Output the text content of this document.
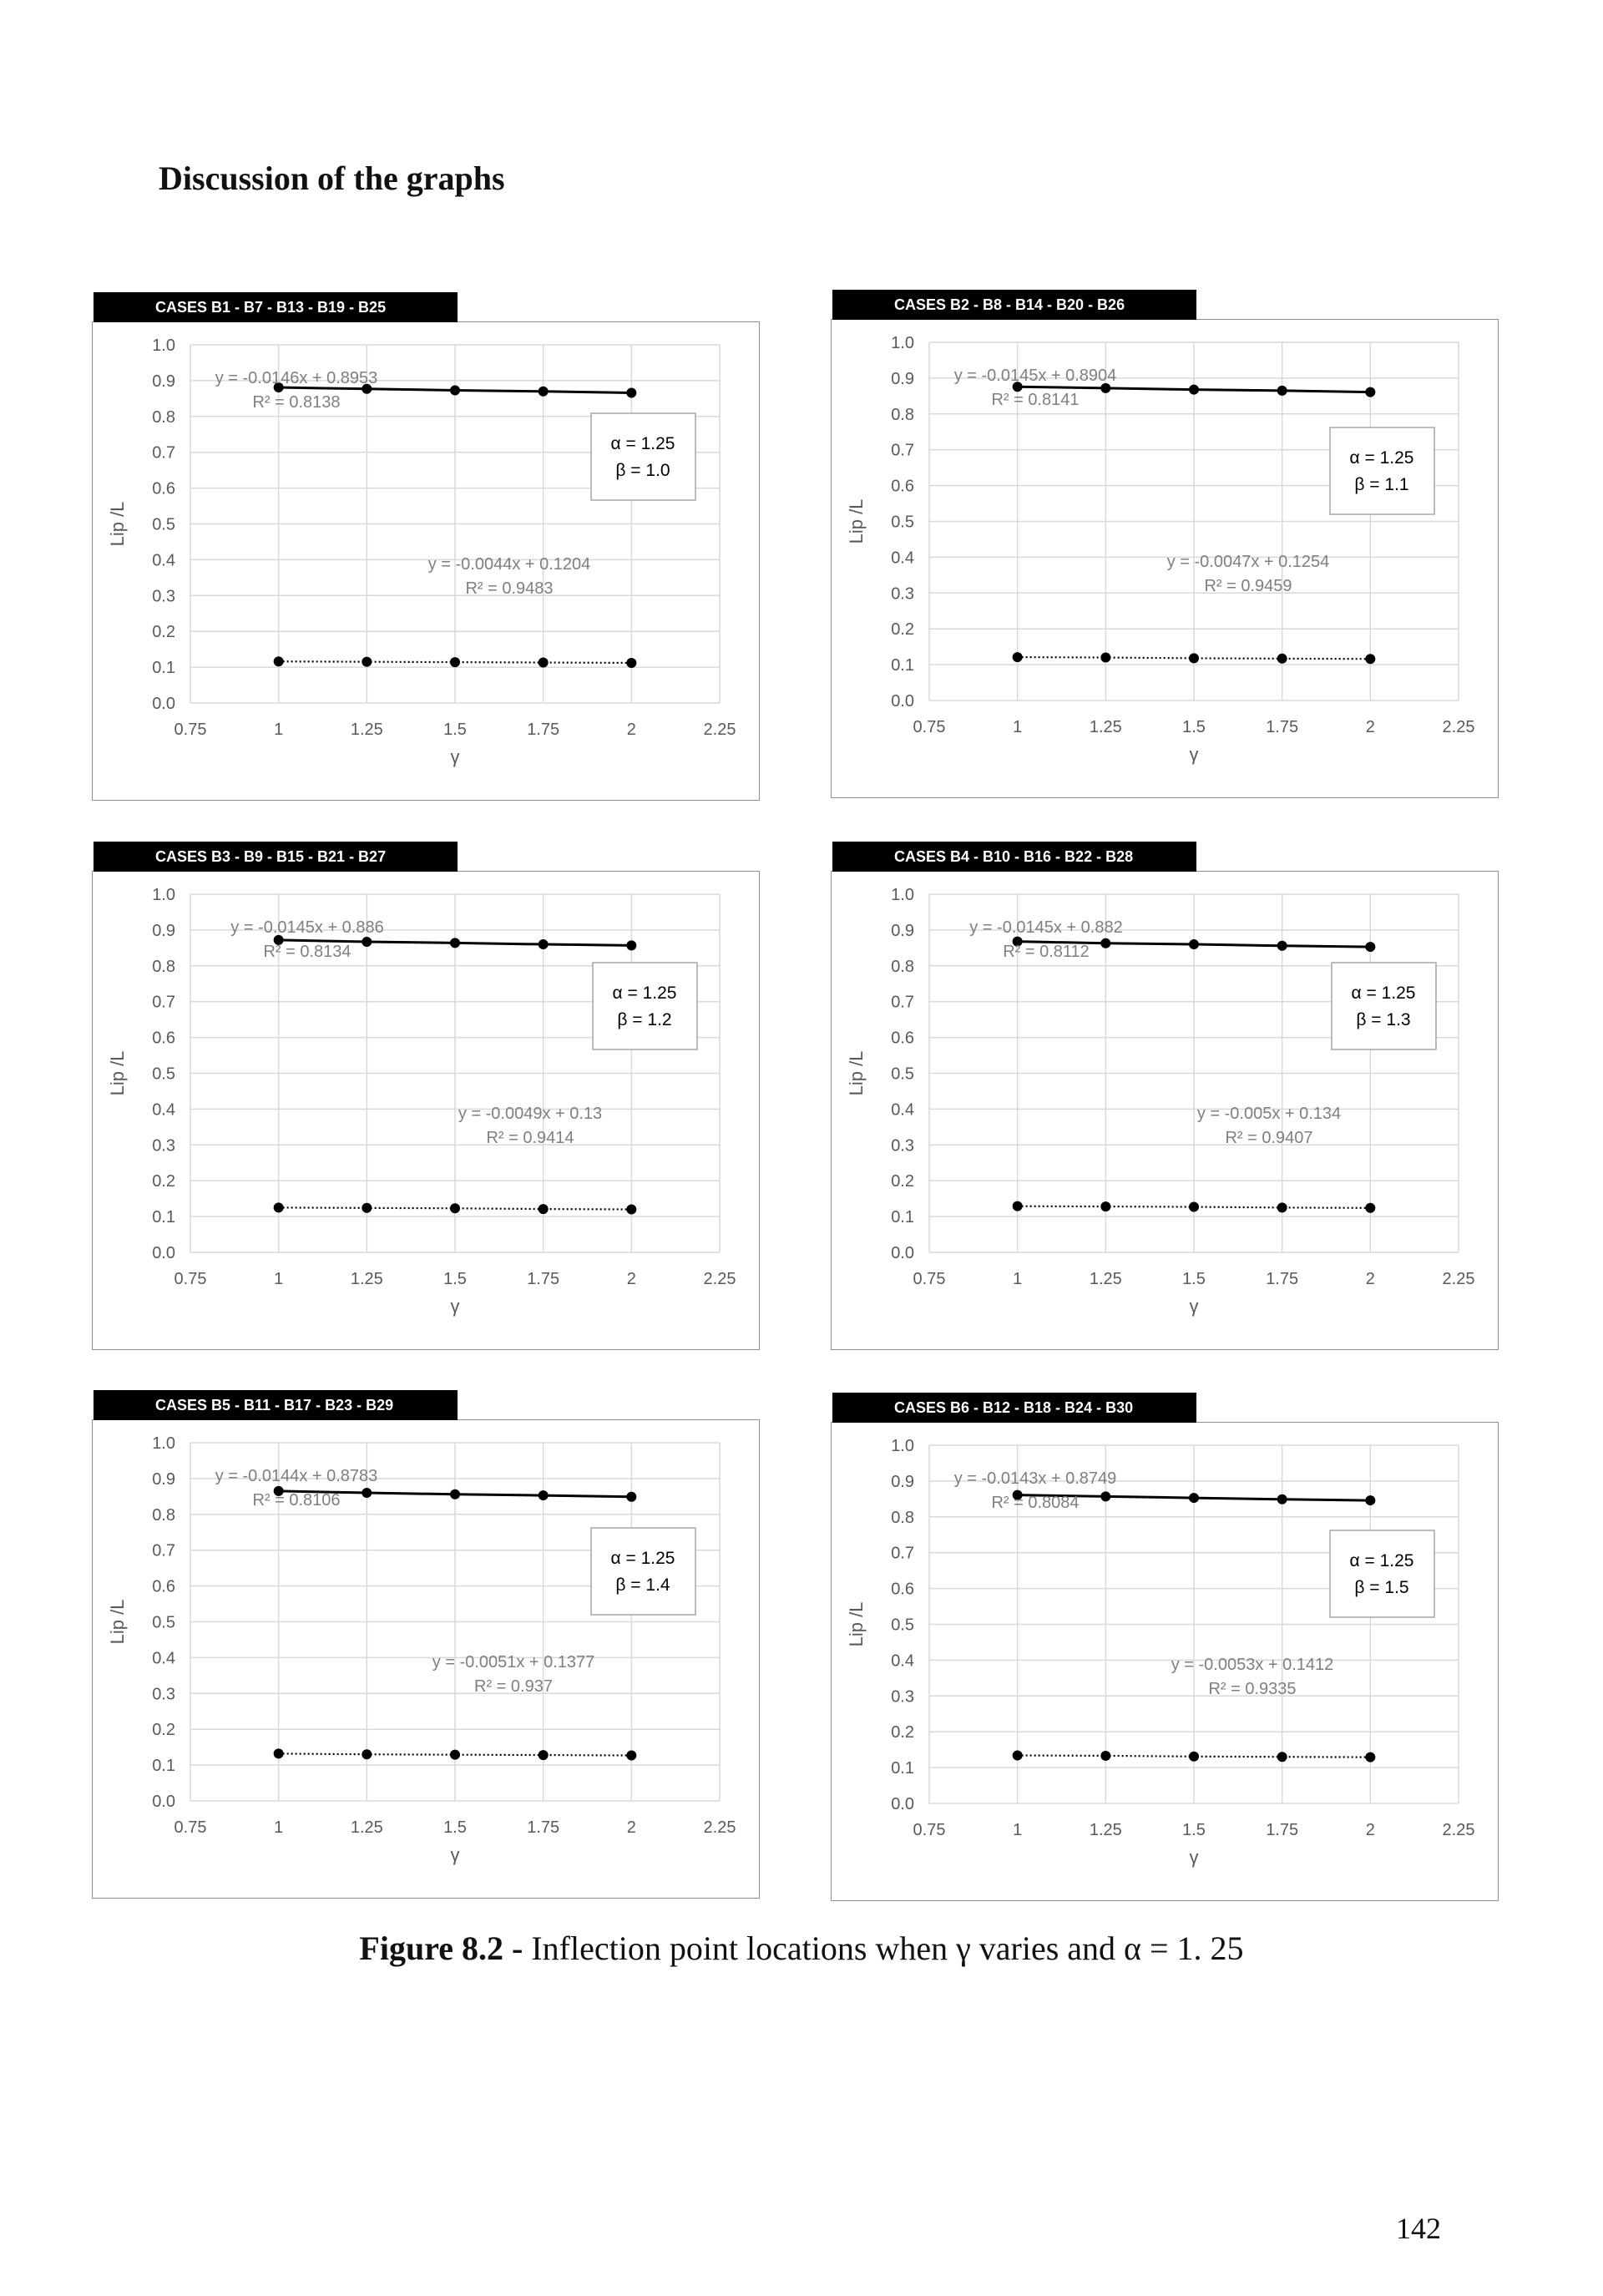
Discussion of the graphs
CASES B1 - B7 - B13 - B19 - B25
0.0
0.1
0.2
0.3
0.4
0.5
0.6
0.7
0.8
0.9
1.0
0.75	1	1.25	1.5	1.75	2	2.25
γ
Lip /L
y = -0.0146x + 0.8953
R² = 0.8138
y = -0.0044x + 0.1204
R² = 0.9483
α = 1.25
β = 1.0
CASES B2 - B8 - B14 - B20 - B26
0.0
0.1
0.2
0.3
0.4
0.5
0.6
0.7
0.8
0.9
1.0
0.75	1	1.25	1.5	1.75	2	2.25
γ
Lip /L
y = -0.0145x + 0.8904
R² = 0.8141
y = -0.0047x + 0.1254
R² = 0.9459
α = 1.25
β = 1.1
CASES B3 - B9 - B15 - B21 - B27
0.0
0.1
0.2
0.3
0.4
0.5
0.6
0.7
0.8
0.9
1.0
0.75	1	1.25	1.5	1.75	2	2.25
γ
Lip /L
y = -0.0145x + 0.886
R² = 0.8134
y = -0.0049x + 0.13
R² = 0.9414
α = 1.25
β = 1.2
CASES B4 - B10 - B16 - B22 - B28
0.0
0.1
0.2
0.3
0.4
0.5
0.6
0.7
0.8
0.9
1.0
0.75	1	1.25	1.5	1.75	2	2.25
γ
Lip /L
y = -0.0145x + 0.882
R² = 0.8112
y = -0.005x + 0.134
R² = 0.9407
α = 1.25
β = 1.3
CASES B5 - B11 - B17 - B23 - B29
0.0
0.1
0.2
0.3
0.4
0.5
0.6
0.7
0.8
0.9
1.0
0.75	1	1.25	1.5	1.75	2	2.25
γ
Lip /L
y = -0.0144x + 0.8783
R² = 0.8106
y = -0.0051x + 0.1377
R² = 0.937
α = 1.25
β = 1.4
CASES B6 - B12 - B18 - B24 - B30
0.0
0.1
0.2
0.3
0.4
0.5
0.6
0.7
0.8
0.9
1.0
0.75	1	1.25	1.5	1.75	2	2.25
γ
Lip /L
y = -0.0143x + 0.8749
R² = 0.8084
y = -0.0053x + 0.1412
R² = 0.9335
α = 1.25
β = 1.5
Figure 8.2 - Inflection point locations when γ varies and α = 1. 25
142
